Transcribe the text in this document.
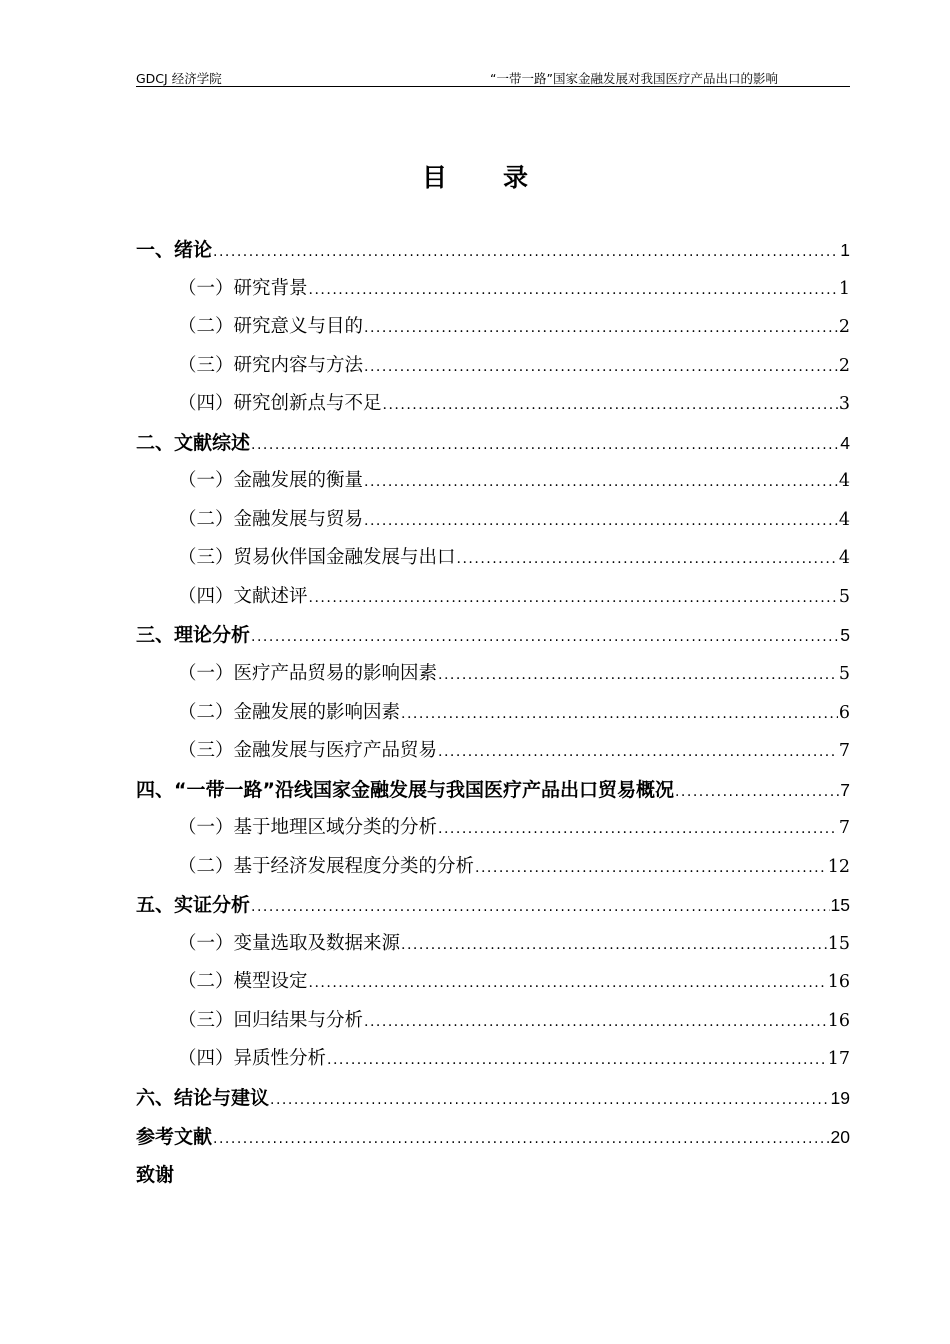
GDCJ 经济学院	“一带一路”国家金融发展对我国医疗产品出口的影响
目 录
一、绪论 .....	1
（一）研究背景 .....	1
（二）研究意义与目的 .....	2
（三）研究内容与方法 .....	2
（四）研究创新点与不足 .....	3
二、文献综述 .....	4
（一）金融发展的衡量 .....	4
（二）金融发展与贸易 .....	4
（三）贸易伙伴国金融发展与出口 .....	4
（四）文献述评 .....	5
三、理论分析 .....	5
（一）医疗产品贸易的影响因素 .....	5
（二）金融发展的影响因素 .....	6
（三）金融发展与医疗产品贸易 .....	7
四、“一带一路”沿线国家金融发展与我国医疗产品出口贸易概况 .....	7
（一）基于地理区域分类的分析 .....	7
（二）基于经济发展程度分类的分析 .....	12
五、实证分析 .....	15
（一）变量选取及数据来源 .....	15
（二）模型设定 .....	16
（三）回归结果与分析 .....	16
（四）异质性分析 .....	17
六、结论与建议 .....	19
参考文献 .....	20
致谢
